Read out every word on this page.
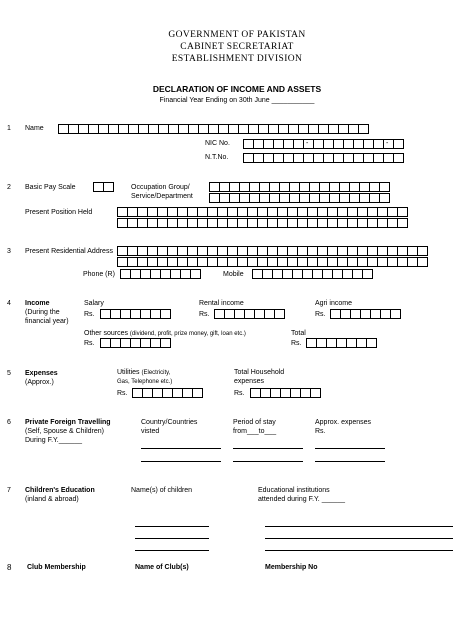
GOVERNMENT OF PAKISTAN
CABINET SECRETARIAT
ESTABLISHMENT DIVISION
DECLARATION OF INCOME AND ASSETS
Financial Year Ending on 30th June ___________
1 Name
NIC No.	-	-
N.T.No.
2 Basic Pay Scale	Occupation Group/
Service/Department
Present Position Held
3 Present Residential Address
Phone (R)	Mobile
4 Income
(During the
financial year)
Salary
Rs.
Rental income
Rs.
Agri income
Rs.
Other sources (dividend, profit, prize money, gift, loan etc.)
Rs.
Total
Rs.
5 Expenses
(Approx.)
Utilities (Electricity,
Gas, Telephone etc.)
Rs.
Total Household
expenses
Rs.
6 Private Foreign Travelling
(Self, Spouse & Children)
During F.Y.______
Country/Countries
visted
Period of stay
from___to___
Approx. expenses
Rs.
7 Children's Education
(inland & abroad)
Name(s) of children	Educational institutions
attended during F.Y. ______
8 Club Membership	Name of Club(s)	Membership No
